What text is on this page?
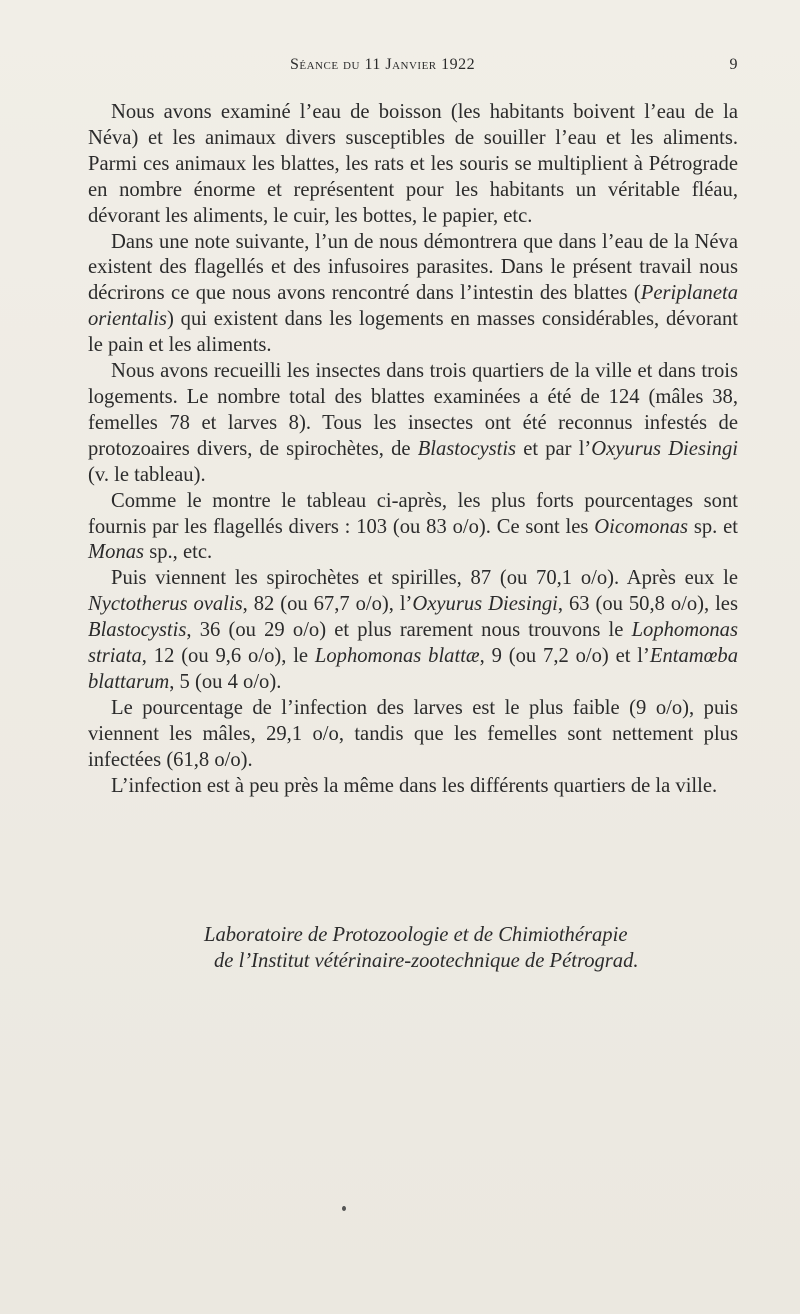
Séance du 11 Janvier 1922	9

Nous avons examiné l’eau de boisson (les habitants boivent l’eau de la Néva) et les animaux divers susceptibles de souiller l’eau et les aliments. Parmi ces animaux les blattes, les rats et les souris se multiplient à Pétrograde en nombre énorme et représentent pour les habitants un véritable fléau, dévorant les aliments, le cuir, les bottes, le papier, etc.

Dans une note suivante, l’un de nous démontrera que dans l’eau de la Néva existent des flagellés et des infusoires parasites. Dans le présent travail nous décrirons ce que nous avons rencontré dans l’intestin des blattes (Periplaneta orientalis) qui existent dans les logements en masses considérables, dévorant le pain et les aliments.

Nous avons recueilli les insectes dans trois quartiers de la ville et dans trois logements. Le nombre total des blattes examinées a été de 124 (mâles 38, femelles 78 et larves 8). Tous les insectes ont été reconnus infestés de protozoaires divers, de spirochètes, de Blastocystis et par l’Oxyurus Diesingi (v. le tableau).

Comme le montre le tableau ci-après, les plus forts pourcentages sont fournis par les flagellés divers : 103 (ou 83 o/o). Ce sont les Oicomonas sp. et Monas sp., etc.

Puis viennent les spirochètes et spirilles, 87 (ou 70,1 o/o). Après eux le Nyctotherus ovalis, 82 (ou 67,7 o/o), l’Oxyurus Diesingi, 63 (ou 50,8 o/o), les Blastocystis, 36 (ou 29 o/o) et plus rarement nous trouvons le Lophomonas striata, 12 (ou 9,6 o/o), le Lophomonas blattæ, 9 (ou 7,2 o/o) et l’Entamœba blattarum, 5 (ou 4 o/o).

Le pourcentage de l’infection des larves est le plus faible (9 o/o), puis viennent les mâles, 29,1 o/o, tandis que les femelles sont nettement plus infectées (61,8 o/o).

L’infection est à peu près la même dans les différents quartiers de la ville.

Laboratoire de Protozoologie et de Chimiothérapie
de l’Institut vétérinaire-zootechnique de Pétrograd.
